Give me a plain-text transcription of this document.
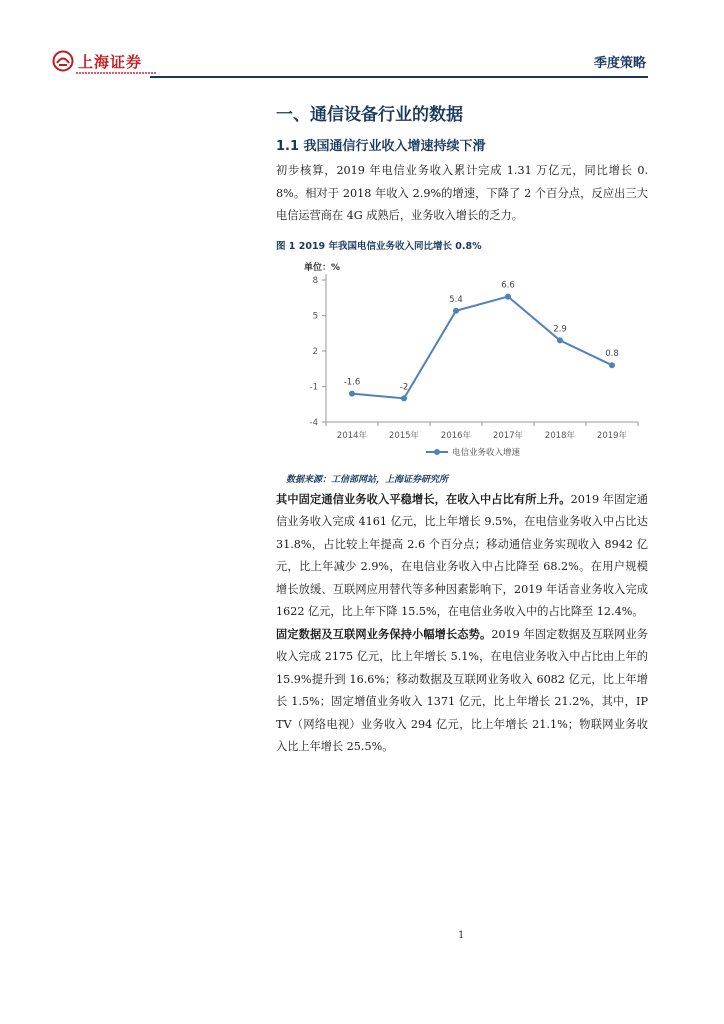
上海证券	季度策略
一、通信设备行业的数据
1.1 我国通信行业收入增速持续下滑

初步核算，2019 年电信业务收入累计完成 1.31 万亿元，同比增长 0.8%。相对于 2018 年收入 2.9%的增速，下降了 2 个百分点，反应出三大电信运营商在 4G 成熟后，业务收入增长的乏力。

图 1 2019 年我国电信业务收入同比增长 0.8%
单位：%
8
5
2
-1
-4
2014年	2015年	2016年	2017年	2018年	2019年
-1.6	-2
5.4
6.6
2.9
0.8
电信业务收入增速
数据来源：工信部网站，上海证券研究所

其中固定通信业务收入平稳增长，在收入中占比有所上升。2019 年固定通信业务收入完成 4161 亿元，比上年增长 9.5%，在电信业务收入中占比达 31.8%，占比较上年提高 2.6 个百分点；移动通信业务实现收入 8942 亿元，比上年减少 2.9%，在电信业务收入中占比降至 68.2%。在用户规模增长放缓、互联网应用替代等多种因素影响下，2019 年话音业务收入完成 1622 亿元，比上年下降 15.5%，在电信业务收入中的占比降至 12.4%。

固定数据及互联网业务保持小幅增长态势。2019 年固定数据及互联网业务收入完成 2175 亿元，比上年增长 5.1%，在电信业务收入中占比由上年的 15.9%提升到 16.6%；移动数据及互联网业务收入 6082 亿元，比上年增长 1.5%；固定增值业务收入 1371 亿元，比上年增长 21.2%，其中，IPTV（网络电视）业务收入 294 亿元，比上年增长 21.1%；物联网业务收入比上年增长 25.5%。

1
